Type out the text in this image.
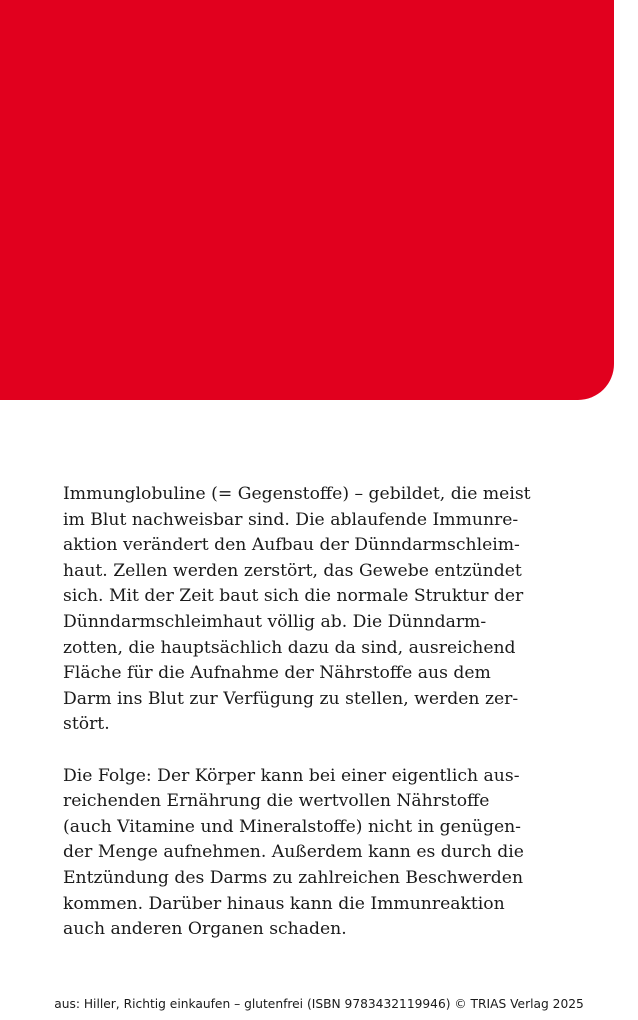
Immunglobuline (= Gegenstoffe) – gebildet, die meist
im Blut nachweisbar sind. Die ablaufende Immunre-
aktion verändert den Aufbau der Dünndarmschleim-
haut. Zellen werden zerstört, das Gewebe entzündet
sich. Mit der Zeit baut sich die normale Struktur der
Dünndarmschleimhaut völlig ab. Die Dünndarm-
zotten, die hauptsächlich dazu da sind, ausreichend
Fläche für die Aufnahme der Nährstoffe aus dem
Darm ins Blut zur Verfügung zu stellen, werden zer-
stört.
Die Folge: Der Körper kann bei einer eigentlich aus-
reichenden Ernährung die wertvollen Nährstoffe
(auch Vitamine und Mineralstoffe) nicht in genügen-
der Menge aufnehmen. Außerdem kann es durch die
Entzündung des Darms zu zahlreichen Beschwerden
kommen. Darüber hinaus kann die Immunreaktion
auch anderen Organen schaden.
aus: Hiller, Richtig einkaufen – glutenfrei (ISBN 9783432119946) © TRIAS Verlag 2025
